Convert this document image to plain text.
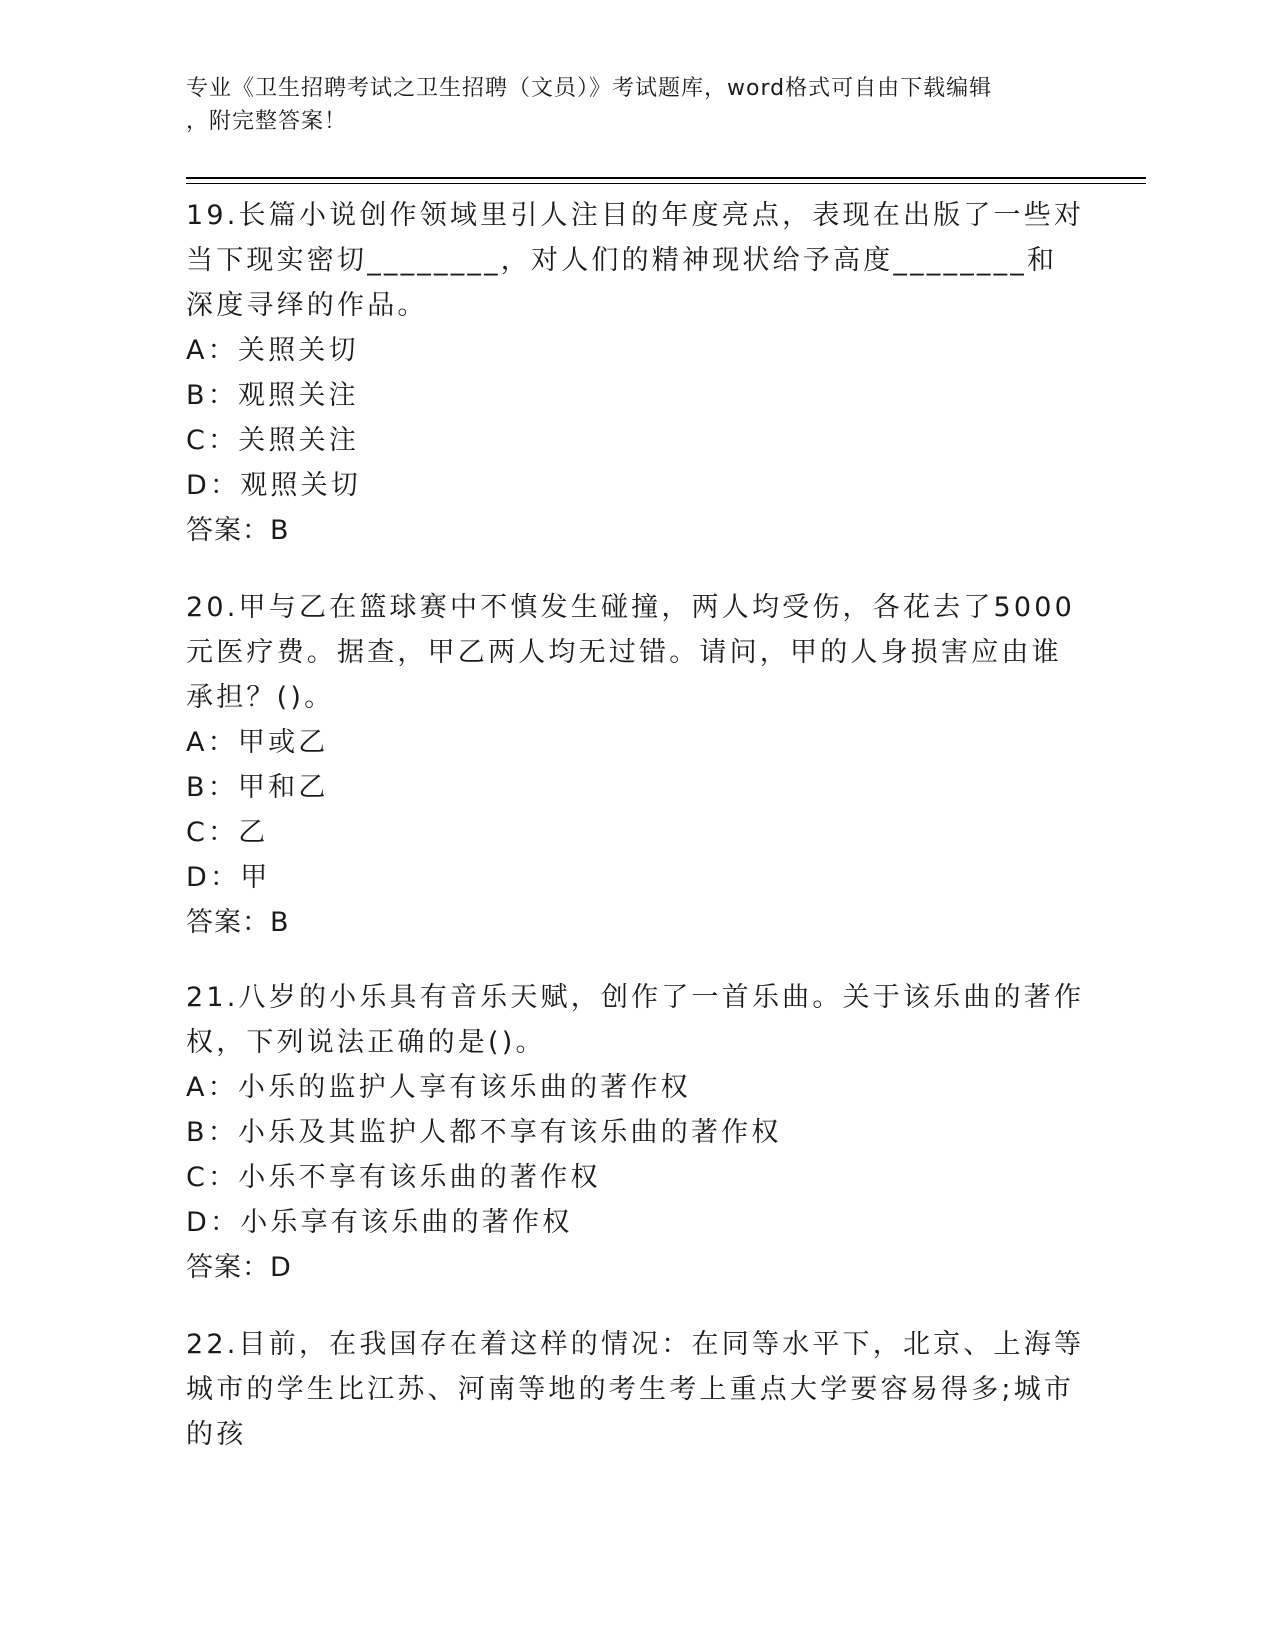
专业《卫生招聘考试之卫生招聘（文员）》考试题库，word格式可自由下载编辑
，附完整答案！
19.长篇小说创作领域里引人注目的年度亮点，表现在出版了一些对当下现实密切________，对人们的精神现状给予高度________和深度寻绎的作品。
A：关照关切
B：观照关注
C：关照关注
D：观照关切
答案：B
20.甲与乙在篮球赛中不慎发生碰撞，两人均受伤，各花去了5000元医疗费。据查，甲乙两人均无过错。请问，甲的人身损害应由谁承担？()。
A：甲或乙
B：甲和乙
C：乙
D：甲
答案：B
21.八岁的小乐具有音乐天赋，创作了一首乐曲。关于该乐曲的著作权，下列说法正确的是()。
A：小乐的监护人享有该乐曲的著作权
B：小乐及其监护人都不享有该乐曲的著作权
C：小乐不享有该乐曲的著作权
D：小乐享有该乐曲的著作权
答案：D
22.目前，在我国存在着这样的情况：在同等水平下，北京、上海等城市的学生比江苏、河南等地的考生考上重点大学要容易得多;城市的孩
